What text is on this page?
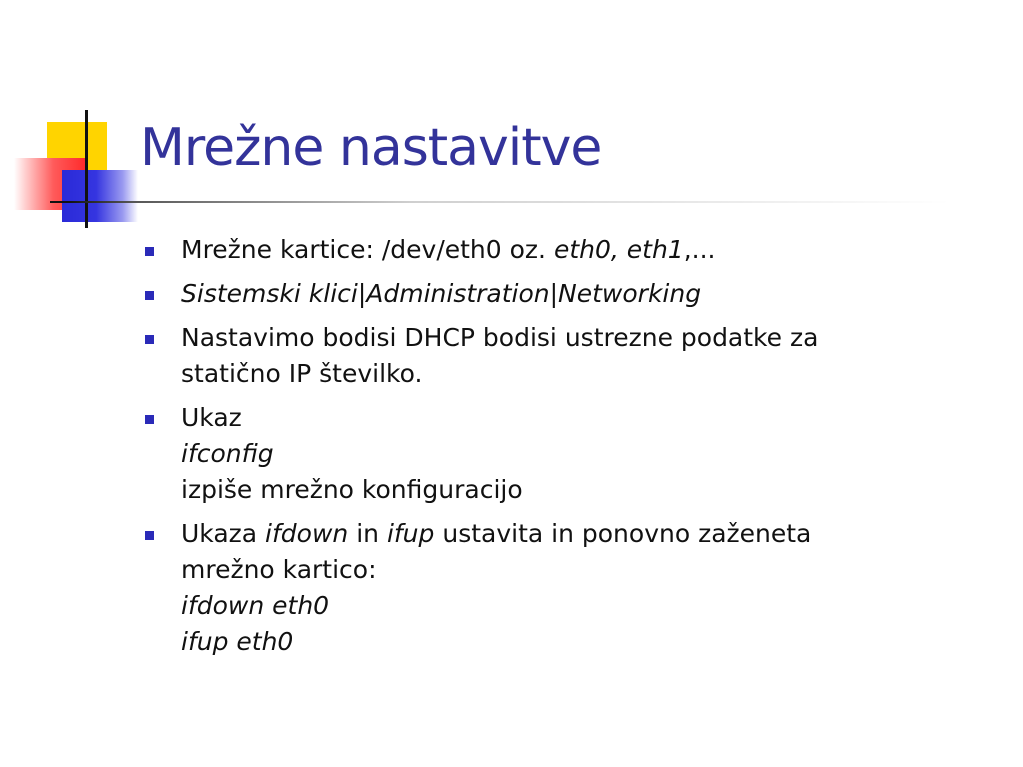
Mrežne nastavitve
Mrežne kartice: /dev/eth0 oz. eth0, eth1,...
Sistemski klici|Administration|Networking
Nastavimo bodisi DHCP bodisi ustrezne podatke za
statično IP številko.
Ukaz
ifconfig
izpiše mrežno konfiguracijo
Ukaza ifdown in ifup ustavita in ponovno zaženeta
mrežno kartico:
ifdown eth0
ifup eth0
